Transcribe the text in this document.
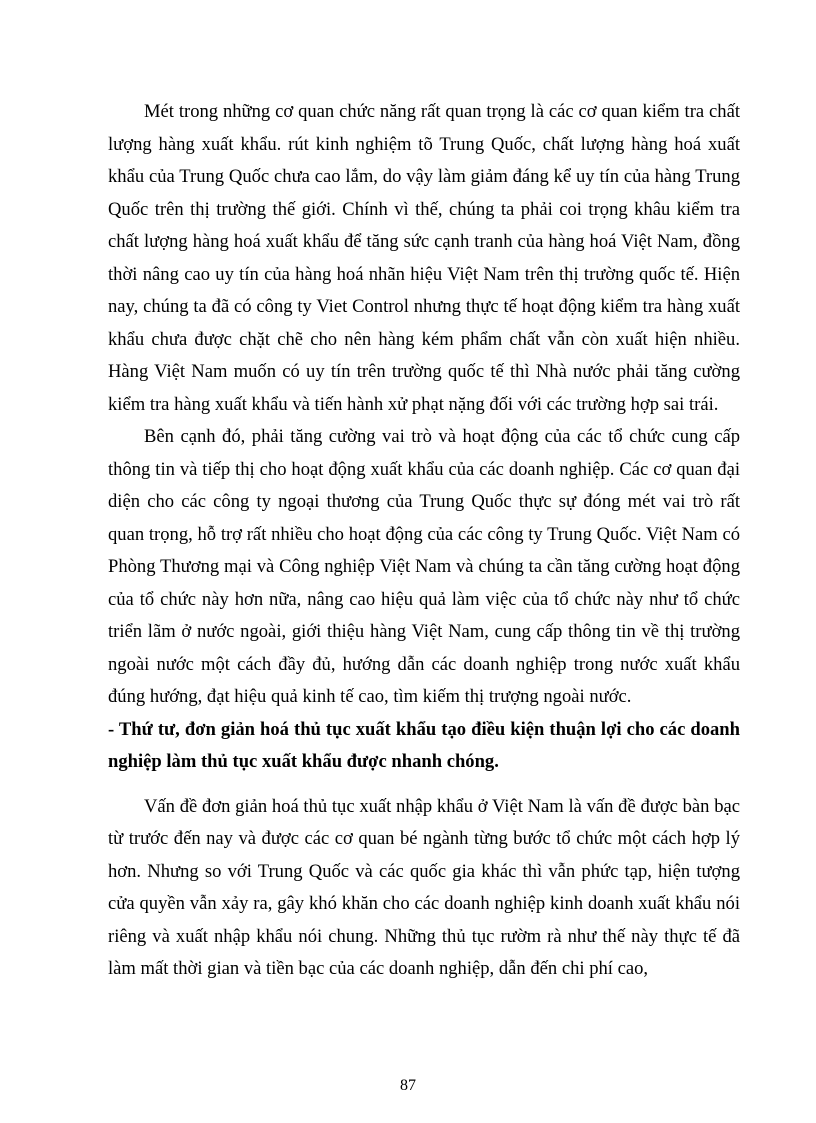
Mét trong những cơ quan chức năng rất quan trọng là các cơ quan kiểm tra chất lượng hàng xuất khẩu. rút kinh nghiệm tõ Trung Quốc, chất lượng hàng hoá xuất khẩu của Trung Quốc chưa cao lắm, do vậy làm giảm đáng kể uy tín của hàng Trung Quốc trên thị trường thế giới. Chính vì thế, chúng ta phải coi trọng khâu kiểm tra chất lượng hàng hoá xuất khẩu để tăng sức cạnh tranh của hàng hoá Việt Nam, đồng thời nâng cao uy tín của hàng hoá nhãn hiệu Việt Nam trên thị trường quốc tế. Hiện nay, chúng ta đã có công ty Viet Control nhưng thực tế hoạt động kiểm tra hàng xuất khẩu chưa được chặt chẽ cho nên hàng kém phẩm chất vẫn còn xuất hiện nhiều. Hàng Việt Nam muốn có uy tín trên trường quốc tế thì Nhà nước phải tăng cường kiểm tra hàng xuất khẩu và tiến hành xử phạt nặng đối với các trường hợp sai trái.

Bên cạnh đó, phải tăng cường vai trò và hoạt động của các tổ chức cung cấp thông tin và tiếp thị cho hoạt động xuất khẩu của các doanh nghiệp. Các cơ quan đại diện cho các công ty ngoại thương của Trung Quốc thực sự đóng mét vai trò rất quan trọng, hỗ trợ rất nhiều cho hoạt động của các công ty Trung Quốc. Việt Nam có Phòng Thương mại và Công nghiệp Việt Nam và chúng ta cần tăng cường hoạt động của tổ chức này hơn nữa, nâng cao hiệu quả làm việc của tổ chức này như tổ chức triển lãm ở nước ngoài, giới thiệu hàng Việt Nam, cung cấp thông tin về thị trường ngoài nước một cách đầy đủ, hướng dẫn các doanh nghiệp trong nước xuất khẩu đúng hướng, đạt hiệu quả kinh tế cao, tìm kiếm thị trượng ngoài nước.

- Thứ tư, đơn giản hoá thủ tục xuất khẩu tạo điều kiện thuận lợi cho các doanh nghiệp làm thủ tục xuất khẩu được nhanh chóng.

Vấn đề đơn giản hoá thủ tục xuất nhập khẩu ở Việt Nam là vấn đề được bàn bạc từ trước đến nay và được các cơ quan bé ngành từng bước tổ chức một cách hợp lý hơn. Nhưng so với Trung Quốc và các quốc gia khác thì vẫn phức tạp, hiện tượng cửa quyền vẫn xảy ra, gây khó khăn cho các doanh nghiệp kinh doanh xuất khẩu nói riêng và xuất nhập khẩu nói chung. Những thủ tục rườm rà như thế này thực tế đã làm mất thời gian và tiền bạc của các doanh nghiệp, dẫn đến chi phí cao,

87
